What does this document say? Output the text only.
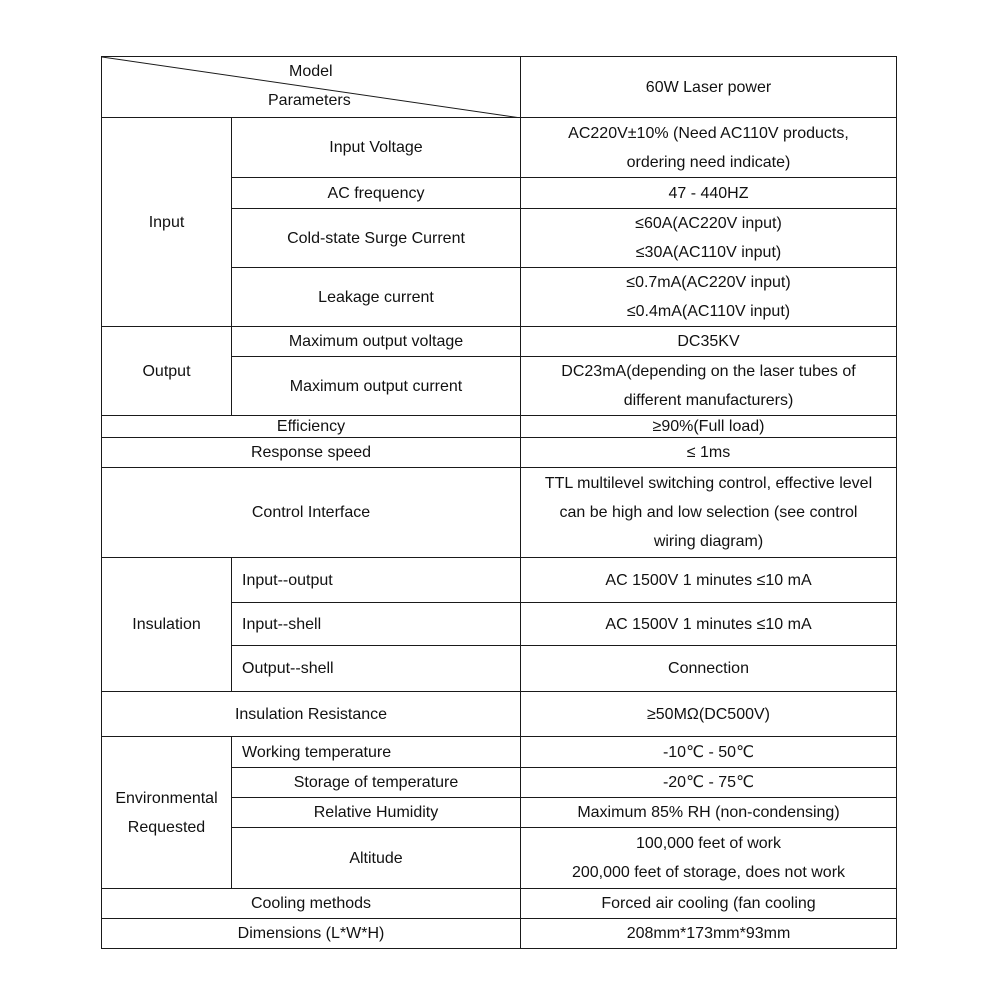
Model
Parameters		60W Laser power
Input	Input Voltage	AC220V±10% (Need AC110V products,
ordering need indicate)

	AC frequency	47 - 440HZ
	Cold-state Surge Current	≤60A(AC220V input)
≤30A(AC110V input)

	Leakage current	≤0.7mA(AC220V input)
≤0.4mA(AC110V input)

Output	Maximum output voltage	DC35KV
	Maximum output current	DC23mA(depending on the laser tubes of
different manufacturers)

Efficiency		≥90%(Full load)
Response speed		≤ 1ms
Control Interface		TTL multilevel switching control, effective level
can be high and low selection (see control
wiring diagram)

Insulation	Input--output	AC 1500V 1 minutes ≤10 mA
	Input--shell	AC 1500V 1 minutes ≤10 mA
	Output--shell	Connection
Insulation Resistance		≥50MΩ(DC500V)

Environmental
Requested	Working temperature	-10℃ - 50℃
	Storage of temperature	-20℃ - 75℃
	Relative Humidity	Maximum 85% RH (non-condensing)
	Altitude	100,000 feet of work
200,000 feet of storage, does not work

Cooling methods		Forced air cooling (fan cooling
Dimensions (L*W*H)		208mm*173mm*93mm
